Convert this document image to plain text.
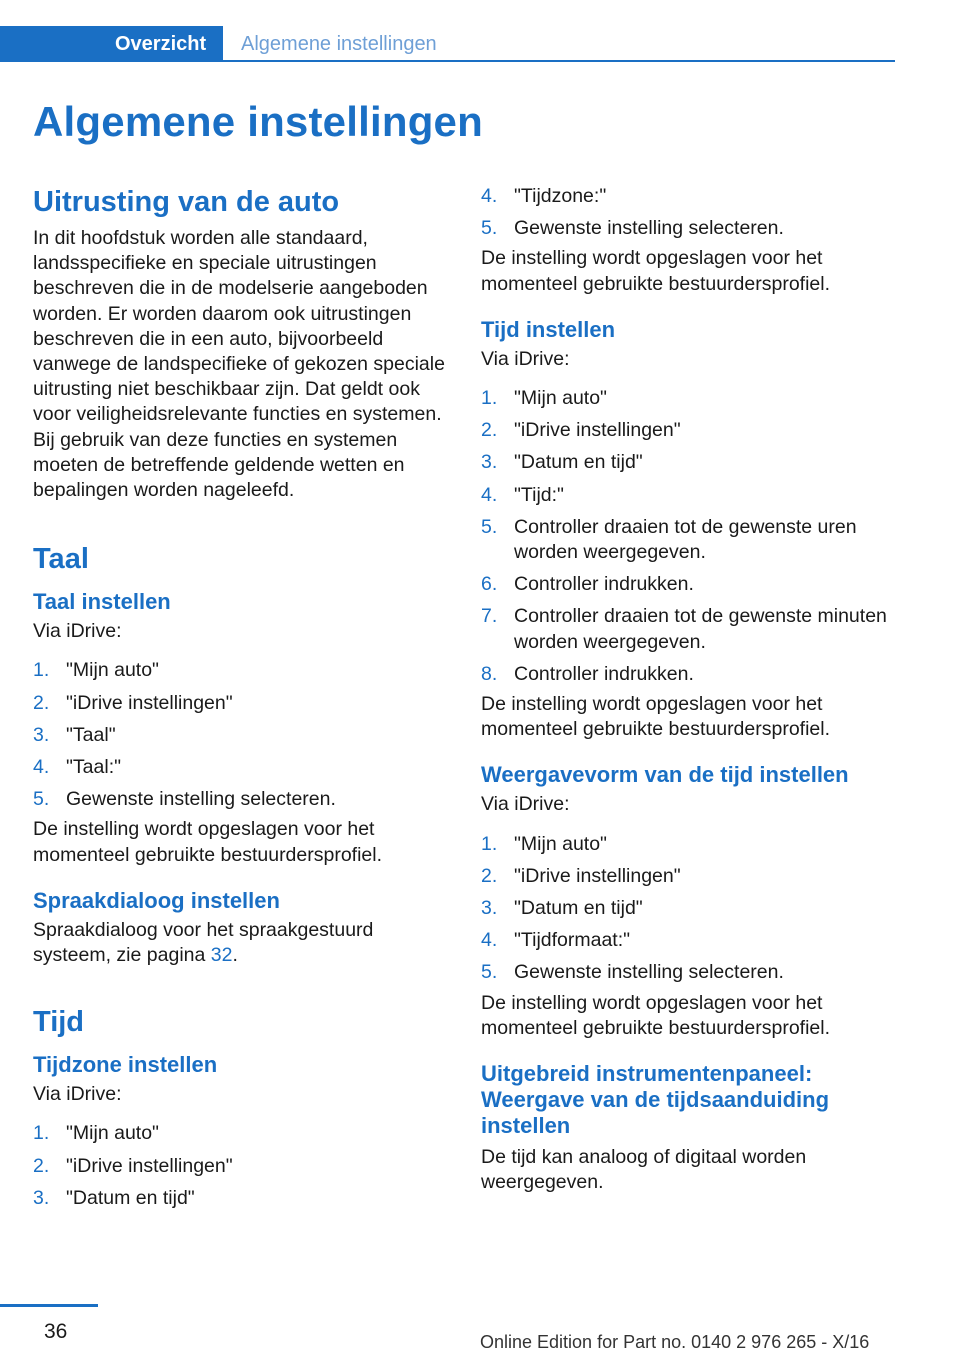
Overzicht	Algemene instellingen
Algemene instellingen
Uitrusting van de auto

In dit hoofdstuk worden alle standaard, landsspecifieke en speciale uitrustingen beschreven die in de modelserie aangeboden worden. Er worden daarom ook uitrustingen beschreven die in een auto, bijvoorbeeld vanwege de landspecifieke of gekozen speciale uitrusting niet beschikbaar zijn. Dat geldt ook voor veiligheidsrelevante functies en systemen. Bij gebruik van deze functies en systemen moeten de betreffende geldende wetten en bepalingen worden nageleefd.

Taal
Taal instellen

Via iDrive:

1. "Mijn auto"
2. "iDrive instellingen"
3. "Taal"
4. "Taal:"
5. Gewenste instelling selecteren.

De instelling wordt opgeslagen voor het momenteel gebruikte bestuurdersprofiel.

Spraakdialoog instellen

Spraakdialoog voor het spraakgestuurd systeem, zie pagina 32.

Tijd
Tijdzone instellen

Via iDrive:

1. "Mijn auto"
2. "iDrive instellingen"
3. "Datum en tijd"
4. "Tijdzone:"
5. Gewenste instelling selecteren.

De instelling wordt opgeslagen voor het momenteel gebruikte bestuurdersprofiel.

Tijd instellen

Via iDrive:

1. "Mijn auto"
2. "iDrive instellingen"
3. "Datum en tijd"
4. "Tijd:"
5. Controller draaien tot de gewenste uren worden weergegeven.
6. Controller indrukken.
7. Controller draaien tot de gewenste minuten worden weergegeven.
8. Controller indrukken.

De instelling wordt opgeslagen voor het momenteel gebruikte bestuurdersprofiel.

Weergavevorm van de tijd instellen

Via iDrive:

1. "Mijn auto"
2. "iDrive instellingen"
3. "Datum en tijd"
4. "Tijdformaat:"
5. Gewenste instelling selecteren.

De instelling wordt opgeslagen voor het momenteel gebruikte bestuurdersprofiel.

Uitgebreid instrumentenpaneel: Weergave van de tijdsaanduiding instellen

De tijd kan analoog of digitaal worden weergegeven.

36	Online Edition for Part no. 0140 2 976 265 - X/16
